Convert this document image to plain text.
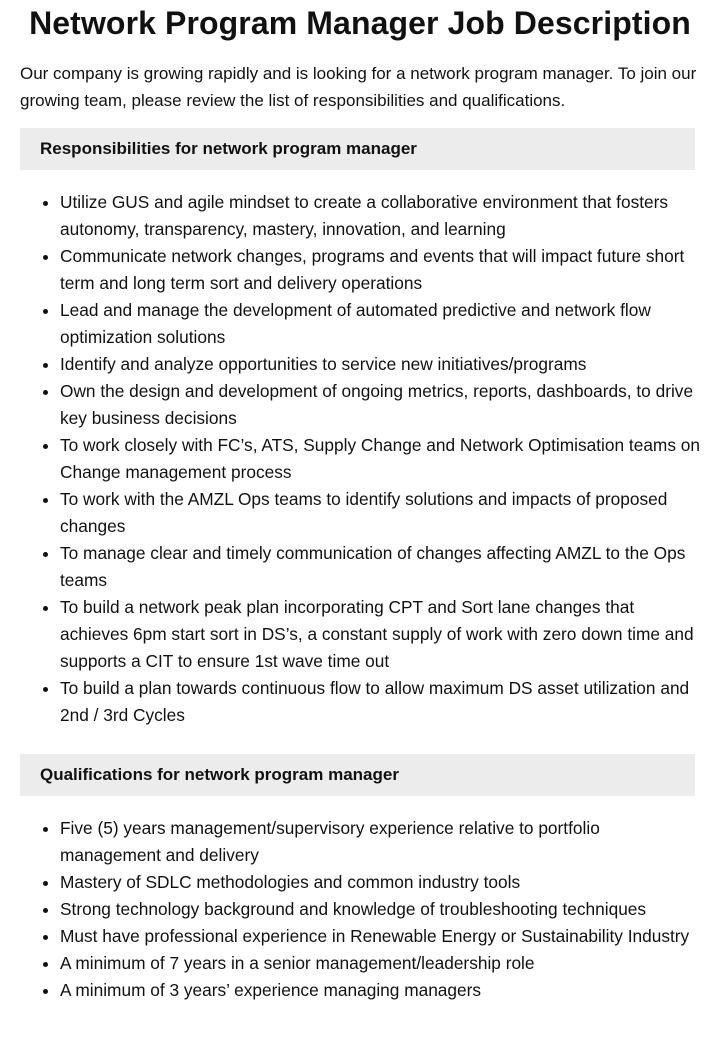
Network Program Manager Job Description

Our company is growing rapidly and is looking for a network program manager. To join our growing team, please review the list of responsibilities and qualifications.

Responsibilities for network program manager
• Utilize GUS and agile mindset to create a collaborative environment that fosters autonomy, transparency, mastery, innovation, and learning
• Communicate network changes, programs and events that will impact future short term and long term sort and delivery operations
• Lead and manage the development of automated predictive and network flow optimization solutions
• Identify and analyze opportunities to service new initiatives/programs
• Own the design and development of ongoing metrics, reports, dashboards, to drive key business decisions
• To work closely with FC’s, ATS, Supply Change and Network Optimisation teams on Change management process
• To work with the AMZL Ops teams to identify solutions and impacts of proposed changes
• To manage clear and timely communication of changes affecting AMZL to the Ops teams
• To build a network peak plan incorporating CPT and Sort lane changes that achieves 6pm start sort in DS’s, a constant supply of work with zero down time and supports a CIT to ensure 1st wave time out
• To build a plan towards continuous flow to allow maximum DS asset utilization and 2nd / 3rd Cycles
Qualifications for network program manager
• Five (5) years management/supervisory experience relative to portfolio management and delivery
• Mastery of SDLC methodologies and common industry tools
• Strong technology background and knowledge of troubleshooting techniques
• Must have professional experience in Renewable Energy or Sustainability Industry
• A minimum of 7 years in a senior management/leadership role
• A minimum of 3 years’ experience managing managers
